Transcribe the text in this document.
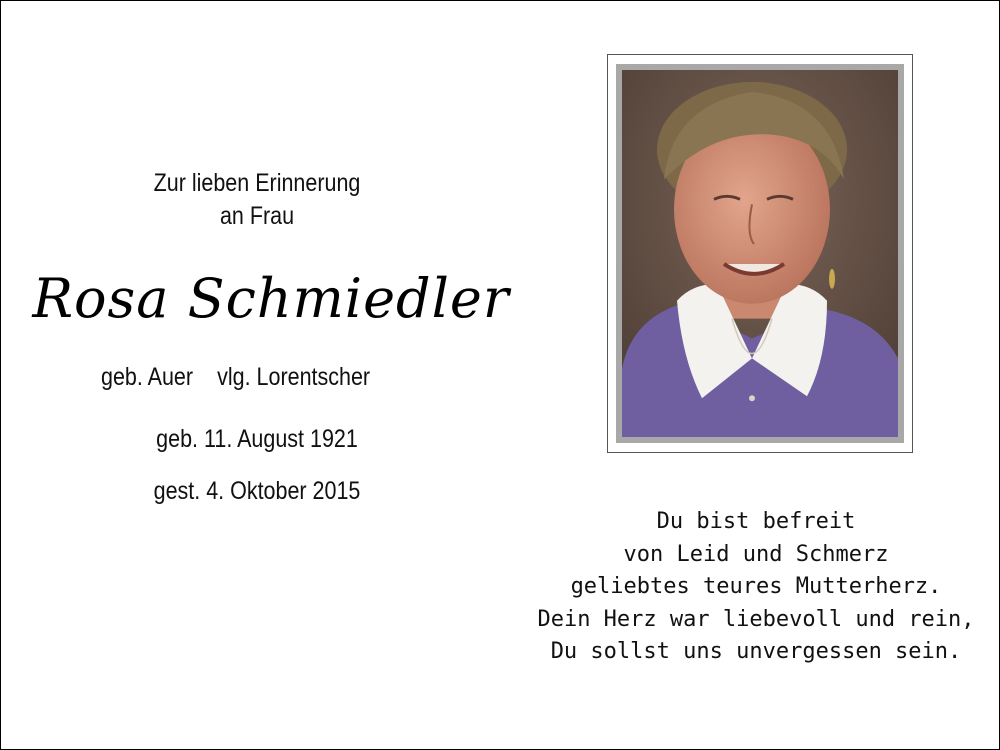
Zur lieben Erinnerung
an Frau
Rosa Schmiedler
geb. Auer vlg. Lorentscher
geb. 11. August 1921
gest. 4. Oktober 2015
Du bist befreit
von Leid und Schmerz
geliebtes teures Mutterherz.
Dein Herz war liebevoll und rein,
Du sollst uns unvergessen sein.
